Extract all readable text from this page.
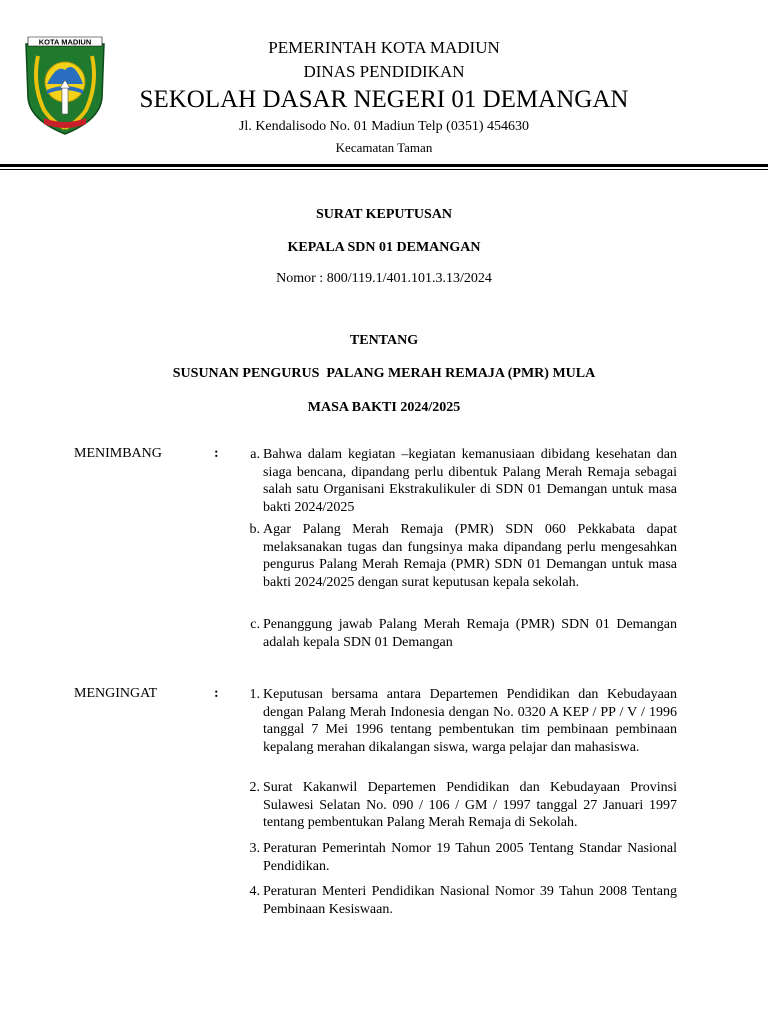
KOTA MADIUN	PEMERINTAH KOTA MADIUN
DINAS PENDIDIKAN
SEKOLAH DASAR NEGERI 01 DEMANGAN
Jl. Kendalisodo No. 01 Madiun Telp (0351) 454630
Kecamatan Taman
SURAT KEPUTUSAN
KEPALA SDN 01 DEMANGAN
Nomor : 800/119.1/401.101.3.13/2024
TENTANG
SUSUNAN PENGURUS  PALANG MERAH REMAJA (PMR) MULA
MASA BAKTI 2024/2025
MENIMBANG	:	a. Bahwa dalam kegiatan –kegiatan kemanusiaan dibidang kesehatan dan siaga bencana, dipandang perlu dibentuk Palang Merah Remaja sebagai salah satu Organisani Ekstrakulikuler di SDN 01 Demangan untuk masa bakti 2024/2025
b. Agar Palang Merah Remaja (PMR) SDN 060 Pekkabata dapat melaksanakan tugas dan fungsinya maka dipandang perlu mengesahkan pengurus Palang Merah Remaja (PMR) SDN 01 Demangan untuk masa bakti 2024/2025 dengan surat keputusan kepala sekolah.
c. Penanggung jawab Palang Merah Remaja (PMR) SDN 01 Demangan adalah kepala SDN 01 Demangan
MENGINGAT	:	1. Keputusan bersama antara Departemen Pendidikan dan Kebudayaan dengan Palang Merah Indonesia dengan No. 0320 A KEP / PP / V / 1996 tanggal 7 Mei 1996 tentang pembentukan tim pembinaan pembinaan kepalang merahan dikalangan siswa, warga pelajar dan mahasiswa.
2. Surat Kakanwil Departemen Pendidikan dan Kebudayaan Provinsi Sulawesi Selatan No. 090 / 106 / GM / 1997 tanggal 27 Januari 1997 tentang pembentukan Palang Merah Remaja di Sekolah.
3. Peraturan Pemerintah Nomor 19 Tahun 2005 Tentang Standar Nasional Pendidikan.
4. Peraturan Menteri Pendidikan Nasional Nomor 39 Tahun 2008 Tentang Pembinaan Kesiswaan.
